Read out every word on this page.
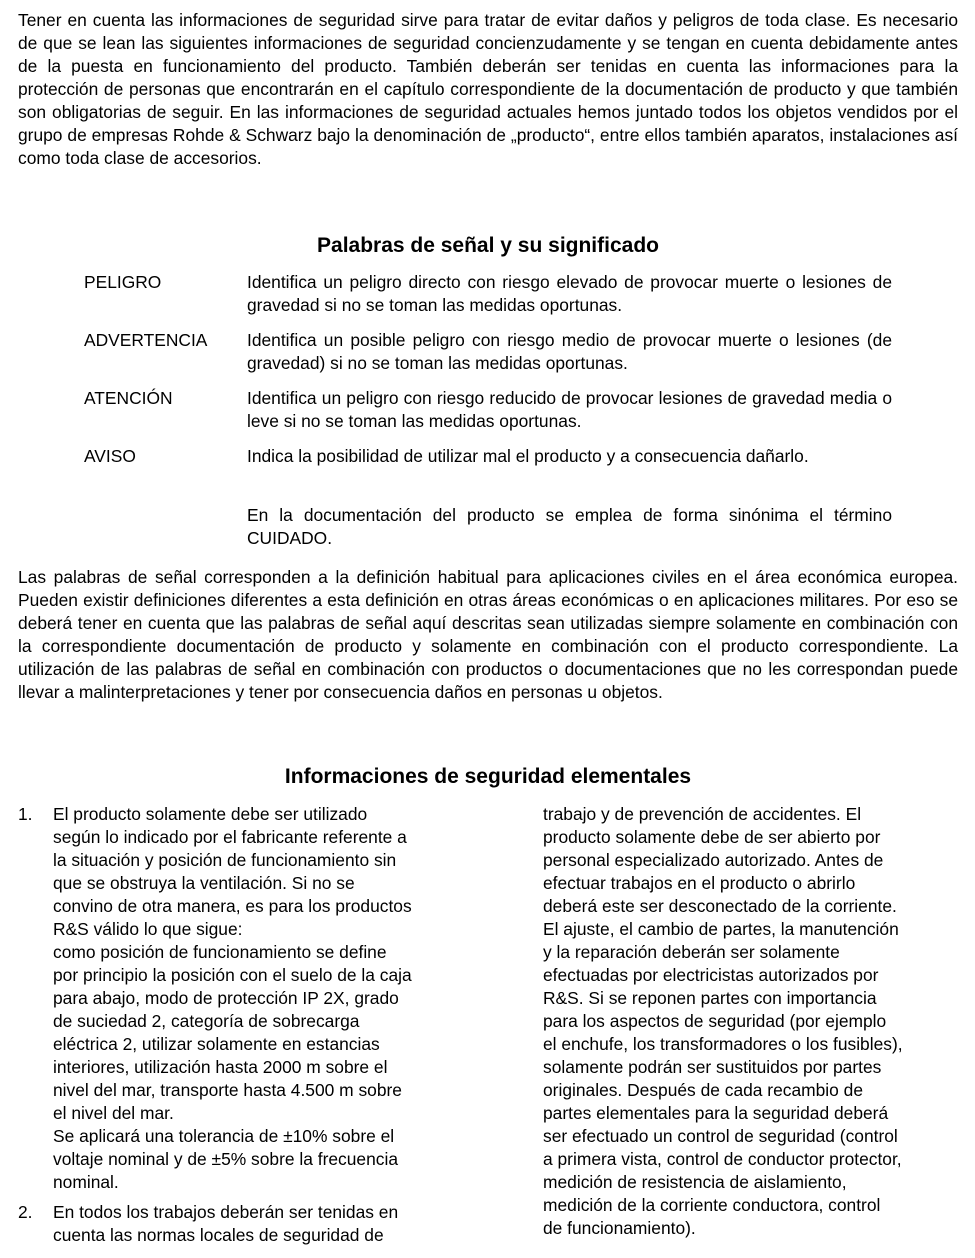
Tener en cuenta las informaciones de seguridad sirve para tratar de evitar daños y peligros de toda clase. Es necesario de que se lean las siguientes informaciones de seguridad concienzudamente y se tengan en cuenta debidamente antes de la puesta en funcionamiento del producto. También deberán ser tenidas en cuenta las informaciones para la protección de personas que encontrarán en el capítulo correspondiente de la documentación de producto y que también son obligatorias de seguir. En las informaciones de seguridad actuales hemos juntado todos los objetos vendidos por el grupo de empresas Rohde & Schwarz bajo la denominación de „producto“, entre ellos también aparatos, instalaciones así como toda clase de accesorios.

Palabras de señal y su significado
PELIGRO	Identifica un peligro directo con riesgo elevado de provocar muerte o lesiones de gravedad si no se toman las medidas oportunas.
ADVERTENCIA Identifica un posible peligro con riesgo medio de provocar muerte o lesiones (de gravedad) si no se toman las medidas oportunas.
ATENCIÓN	Identifica un peligro con riesgo reducido de provocar lesiones de gravedad media o leve si no se toman las medidas oportunas.
AVISO	Indica la posibilidad de utilizar mal el producto y a consecuencia dañarlo.
En la documentación del producto se emplea de forma sinónima el término CUIDADO.

Las palabras de señal corresponden a la definición habitual para aplicaciones civiles en el área económica europea. Pueden existir definiciones diferentes a esta definición en otras áreas económicas o en aplicaciones militares. Por eso se deberá tener en cuenta que las palabras de señal aquí descritas sean utilizadas siempre solamente en combinación con la correspondiente documentación de producto y solamente en combinación con el producto correspondiente. La utilización de las palabras de señal en combinación con productos o documentaciones que no les correspondan puede llevar a malinterpretaciones y tener por consecuencia daños en personas u objetos.

Informaciones de seguridad elementales
1. El producto solamente debe ser utilizado
según lo indicado por el fabricante referente a
la situación y posición de funcionamiento sin
que se obstruya la ventilación. Si no se
convino de otra manera, es para los productos
R&S válido lo que sigue:
como posición de funcionamiento se define
por principio la posición con el suelo de la caja
para abajo, modo de protección IP 2X, grado
de suciedad 2, categoría de sobrecarga
eléctrica 2, utilizar solamente en estancias
interiores, utilización hasta 2000 m sobre el
nivel del mar, transporte hasta 4.500 m sobre
el nivel del mar.
Se aplicará una tolerancia de ±10% sobre el
voltaje nominal y de ±5% sobre la frecuencia
nominal.
2. En todos los trabajos deberán ser tenidas en
cuenta las normas locales de seguridad de
trabajo y de prevención de accidentes. El
producto solamente debe de ser abierto por
personal especializado autorizado. Antes de
efectuar trabajos en el producto o abrirlo
deberá este ser desconectado de la corriente.
El ajuste, el cambio de partes, la manutención
y la reparación deberán ser solamente
efectuadas por electricistas autorizados por
R&S. Si se reponen partes con importancia
para los aspectos de seguridad (por ejemplo
el enchufe, los transformadores o los fusibles),
solamente podrán ser sustituidos por partes
originales. Después de cada recambio de
partes elementales para la seguridad deberá
ser efectuado un control de seguridad (control
a primera vista, control de conductor protector,
medición de resistencia de aislamiento,
medición de la corriente conductora, control
de funcionamiento).
